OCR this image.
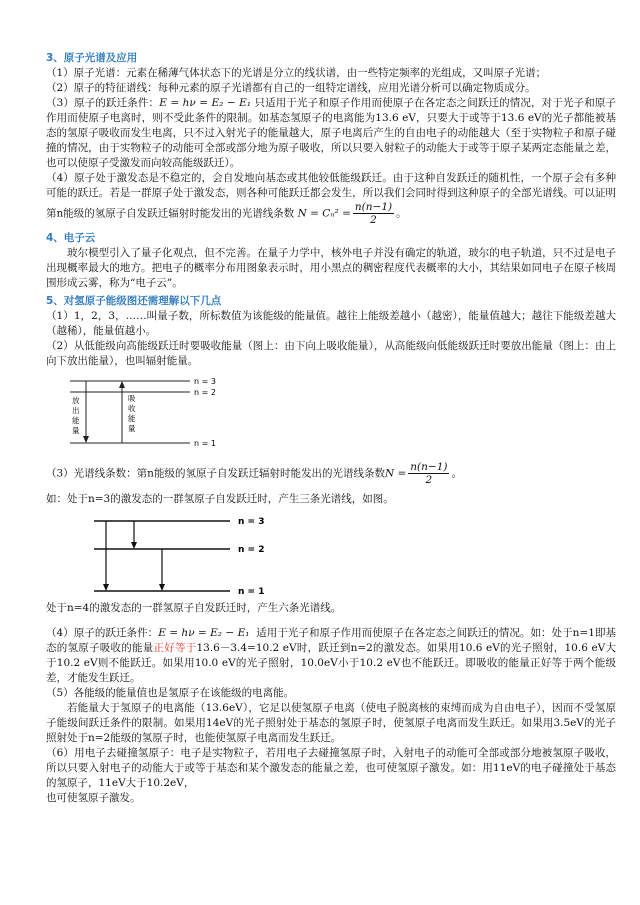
3、原子光谱及应用

（1）原子光谱：元素在稀薄气体状态下的光谱是分立的线状谱，由一些特定频率的光组成，又叫原子光谱；

（2）原子的特征谱线：每种元素的原子光谱都有自己的一组特定谱线，应用光谱分析可以确定物质成分。

（3）原子的跃迁条件：E = hν = E₂ − E₁ 只适用于光子和原子作用而使原子在各定态之间跃迁的情况，对于光子和原子作用而使原子电离时，则不受此条件的限制。如基态氢原子的电离能为13.6 eV，只要大于或等于13.6 eV的光子都能被基态的氢原子吸收而发生电离，只不过入射光子的能量越大，原子电离后产生的自由电子的动能越大（至于实物粒子和原子碰撞的情况，由于实物粒子的动能可全部或部分地为原子吸收，所以只要入射粒子的动能大于或等于原子某两定态能量之差，也可以使原子受激发而向较高能级跃迁）。

（4）原子处于激发态是不稳定的，会自发地向基态或其他较低能级跃迁。由于这种自发跃迁的随机性，一个原子会有多种可能的跃迁。若是一群原子处于激发态，则各种可能跃迁都会发生，所以我们会同时得到这种原子的全部光谱线。可以证明第n能级的氢原子自发跃迁辐射时能发出的光谱线条数 $N = C_n^2 = \frac{n(n-1)}{2}$ 。

4、电子云

玻尔模型引入了量子化观点，但不完善。在量子力学中，核外电子并没有确定的轨道，玻尔的电子轨道，只不过是电子出现概率最大的地方。把电子的概率分布用图象表示时，用小黑点的稠密程度代表概率的大小，其结果如同电子在原子核周围形成云雾，称为“电子云”。

5、对氢原子能级图还需理解以下几点

（1）1，2，3，……叫量子数，所标数值为该能级的能量值。越往上能级差越小（越密），能量值越大；越往下能级差越大（越稀），能量值越小。

（2）从低能级向高能级跃迁时要吸收能量（图上：由下向上吸收能量），从高能级向低能级跃迁时要放出能量（图上：由上向下放出能量），也叫辐射能量。

n = 3
n = 2
n = 1
放出能量
吸收能量

（3）光谱线条数：第n能级的氢原子自发跃迁辐射时能发出的光谱线条数$N = \frac{n(n-1)}{2}$ 。

如：处于n=3的激发态的一群氢原子自发跃迁时，产生三条光谱线，如图。

n = 3
n = 2
n = 1

处于n=4的激发态的一群氢原子自发跃迁时，产生六条光谱线。

（4）原子的跃迁条件：E = hν = E₂ − E₁ 适用于光子和原子作用而使原子在各定态之间跃迁的情况。如：处于n=1即基态的氢原子吸收的能量正好等于13.6－3.4=10.2 eV时，跃迁到n=2的激发态。如果用10.6 eV的光子照射，10.6 eV大于10.2 eV则不能跃迁。如果用10.0 eV的光子照射，10.0eV小于10.2 eV也不能跃迁。即吸收的能量正好等于两个能级差，才能发生跃迁。

（5）各能级的能量值也是氢原子在该能级的电离能。

若能量大于氢原子的电离能（13.6eV），它足以使氢原子电离（使电子脱离核的束缚而成为自由电子），因而不受氢原子能级间跃迁条件的限制。如果用14eV的光子照射处于基态的氢原子时，使氢原子电离而发生跃迁。如果用3.5eV的光子照射处于n=2能级的氢原子时，也能使氢原子电离而发生跃迁。

（6）用电子去碰撞氢原子：电子是实物粒子，若用电子去碰撞氢原子时，入射电子的动能可全部或部分地被氢原子吸收，所以只要入射电子的动能大于或等于基态和某个激发态的能量之差，也可使氢原子激发。如：用11eV的电子碰撞处于基态的氢原子，11eV大于10.2eV，

也可使氢原子激发。
